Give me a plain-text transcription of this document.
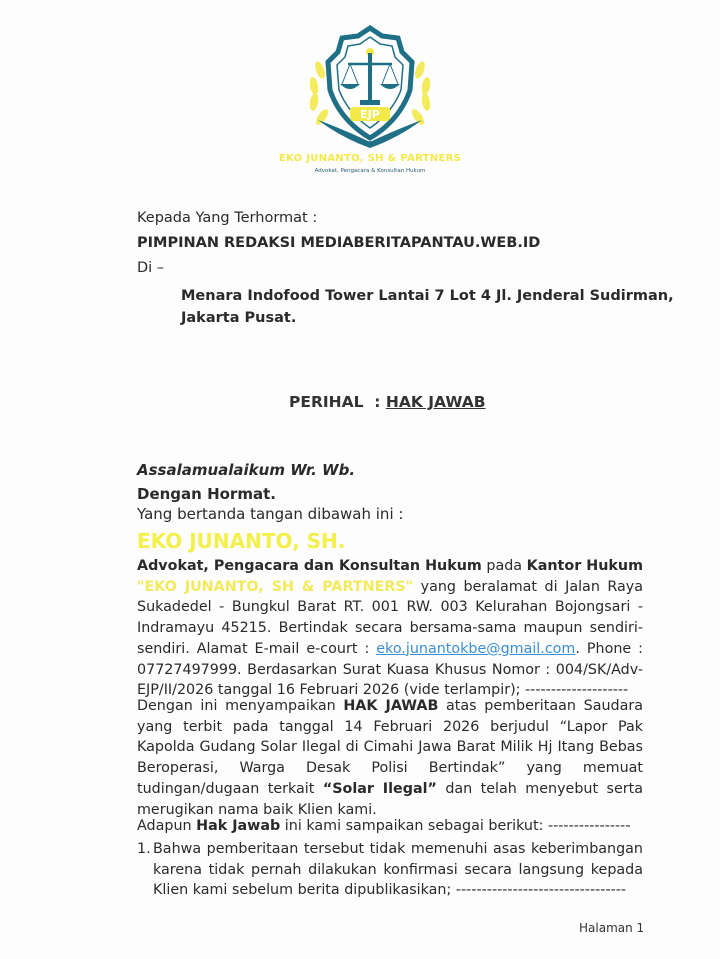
EJP
EKO JUNANTO, SH & PARTNERS
Advokat, Pengacara & Konsultan Hukum
Kepada Yang Terhormat :
PIMPINAN REDAKSI MEDIABERITAPANTAU.WEB.ID
Di –
Menara Indofood Tower Lantai 7 Lot 4 Jl. Jenderal Sudirman,
Jakarta Pusat.
PERIHAL : HAK JAWAB
Assalamualaikum Wr. Wb.
Dengan Hormat.
Yang bertanda tangan dibawah ini :
EKO JUNANTO, SH.
Advokat, Pengacara dan Konsultan Hukum pada Kantor Hukum "EKO JUNANTO, SH & PARTNERS" yang beralamat di Jalan Raya Sukadedel - Bungkul Barat RT. 001 RW. 003 Kelurahan Bojongsari - Indramayu 45215. Bertindak secara bersama-sama maupun sendiri-sendiri. Alamat E-mail e-court : eko.junantokbe@gmail.com. Phone : 07727497999. Berdasarkan Surat Kuasa Khusus Nomor : 004/SK/Adv-EJP/II/2026 tanggal 16 Februari 2026 (vide terlampir); --------------------
Dengan ini menyampaikan HAK JAWAB atas pemberitaan Saudara yang terbit pada tanggal 14 Februari 2026 berjudul “Lapor Pak Kapolda Gudang Solar Ilegal di Cimahi Jawa Barat Milik Hj Itang Bebas Beroperasi, Warga Desak Polisi Bertindak” yang memuat tudingan/dugaan terkait “Solar Ilegal” dan telah menyebut serta merugikan nama baik Klien kami.
Adapun Hak Jawab ini kami sampaikan sebagai berikut: ----------------
1. Bahwa pemberitaan tersebut tidak memenuhi asas keberimbangan karena tidak pernah dilakukan konfirmasi secara langsung kepada Klien kami sebelum berita dipublikasikan; ---------------------------------
Halaman 1
